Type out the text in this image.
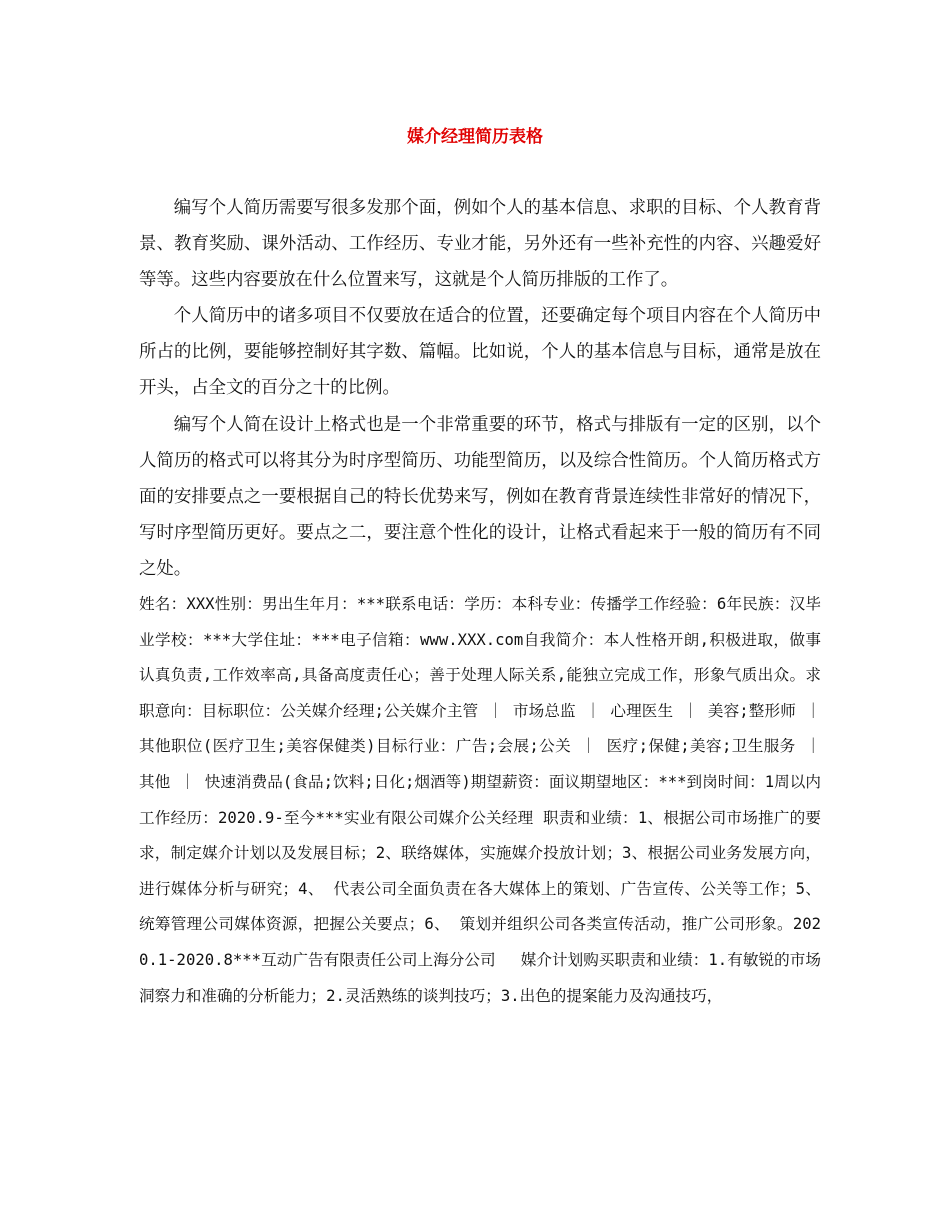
媒介经理简历表格

编写个人简历需要写很多发那个面，例如个人的基本信息、求职的目标、个人教育背景、教育奖励、课外活动、工作经历、专业才能，另外还有一些补充性的内容、兴趣爱好等等。这些内容要放在什么位置来写，这就是个人简历排版的工作了。

个人简历中的诸多项目不仅要放在适合的位置，还要确定每个项目内容在个人简历中所占的比例，要能够控制好其字数、篇幅。比如说，个人的基本信息与目标，通常是放在开头，占全文的百分之十的比例。

编写个人简在设计上格式也是一个非常重要的环节，格式与排版有一定的区别，以个人简历的格式可以将其分为时序型简历、功能型简历，以及综合性简历。个人简历格式方面的安排要点之一要根据自己的特长优势来写，例如在教育背景连续性非常好的情况下，写时序型简历更好。要点之二，要注意个性化的设计，让格式看起来于一般的简历有不同之处。

姓名：XXX性别：男出生年月：***联系电话：学历：本科专业：传播学工作经验：6年民族：汉毕业学校：***大学住址：***电子信箱：www.XXX.com自我简介：本人性格开朗,积极进取，做事认真负责,工作效率高,具备高度责任心；善于处理人际关系,能独立完成工作，形象气质出众。求职意向：目标职位：公关媒介经理;公关媒介主管 ｜ 市场总监 ｜ 心理医生 ｜ 美容;整形师 ｜ 其他职位(医疗卫生;美容保健类)目标行业：广告;会展;公关 ｜ 医疗;保健;美容;卫生服务 ｜ 其他 ｜ 快速消费品(食品;饮料;日化;烟酒等)期望薪资：面议期望地区：***到岗时间：1周以内工作经历：2020.9-至今***实业有限公司媒介公关经理 职责和业绩：1、根据公司市场推广的要求，制定媒介计划以及发展目标；2、联络媒体，实施媒介投放计划；3、根据公司业务发展方向，进行媒体分析与研究；4、 代表公司全面负责在各大媒体上的策划、广告宣传、公关等工作；5、 统筹管理公司媒体资源，把握公关要点；6、 策划并组织公司各类宣传活动，推广公司形象。2020.1-2020.8***互动广告有限责任公司上海分公司　 媒介计划购买职责和业绩：1.有敏锐的市场洞察力和准确的分析能力；2.灵活熟练的谈判技巧；3.出色的提案能力及沟通技巧，
